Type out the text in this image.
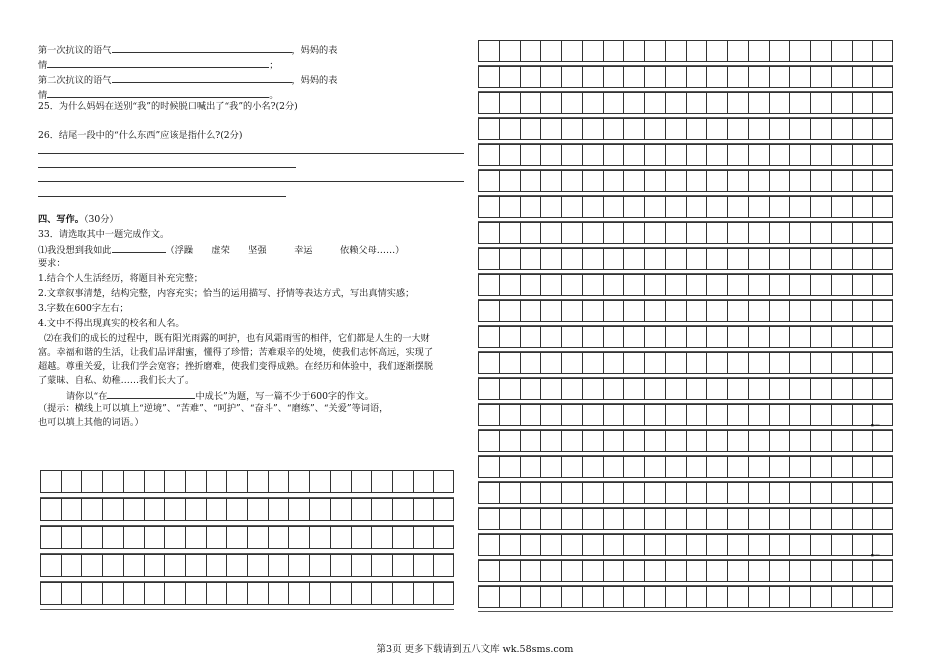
第一次抗议的语气	，妈妈的表
情	；
第二次抗议的语气	，妈妈的表
情	。
25．为什么妈妈在送别“我”的时候脱口喊出了“我”的小名?(2分)
26．结尾一段中的“什么东西”应该是指什么?(2分)
四、写作。（30分）
33．请选取其中一题完成作文。
⑴我没想到我如此	（浮躁　　虚荣　　坚强　　　幸运　　　依赖父母……）
要求：
1.结合个人生活经历，将题目补充完整；
2.文章叙事清楚，结构完整，内容充实；恰当的运用描写、抒情等表达方式，写出真情实感；
3.字数在600字左右；
4.文中不得出现真实的校名和人名。
⑵在我们的成长的过程中，既有阳光雨露的呵护，也有风霜雨雪的相伴，它们都是人生的一大财
富。幸福和谐的生活，让我们品评甜蜜，懂得了珍惜；苦难艰辛的处境，使我们志怀高远，实现了
超越。尊重关爱，让我们学会宽容；挫折磨难，使我们变得成熟。在经历和体验中，我们逐渐摆脱
了蒙昧、自私、幼稚……我们长大了。
请你以“在	中成长”为题，写一篇不少于600字的作文。
（提示：横线上可以填上“逆境”、“苦难”、“呵护”、“奋斗”、“磨练”、“关爱”等词语，
也可以填上其他的词语。）	■200
■400
第3页 更多下载请到五八文库 wk.58sms.com
